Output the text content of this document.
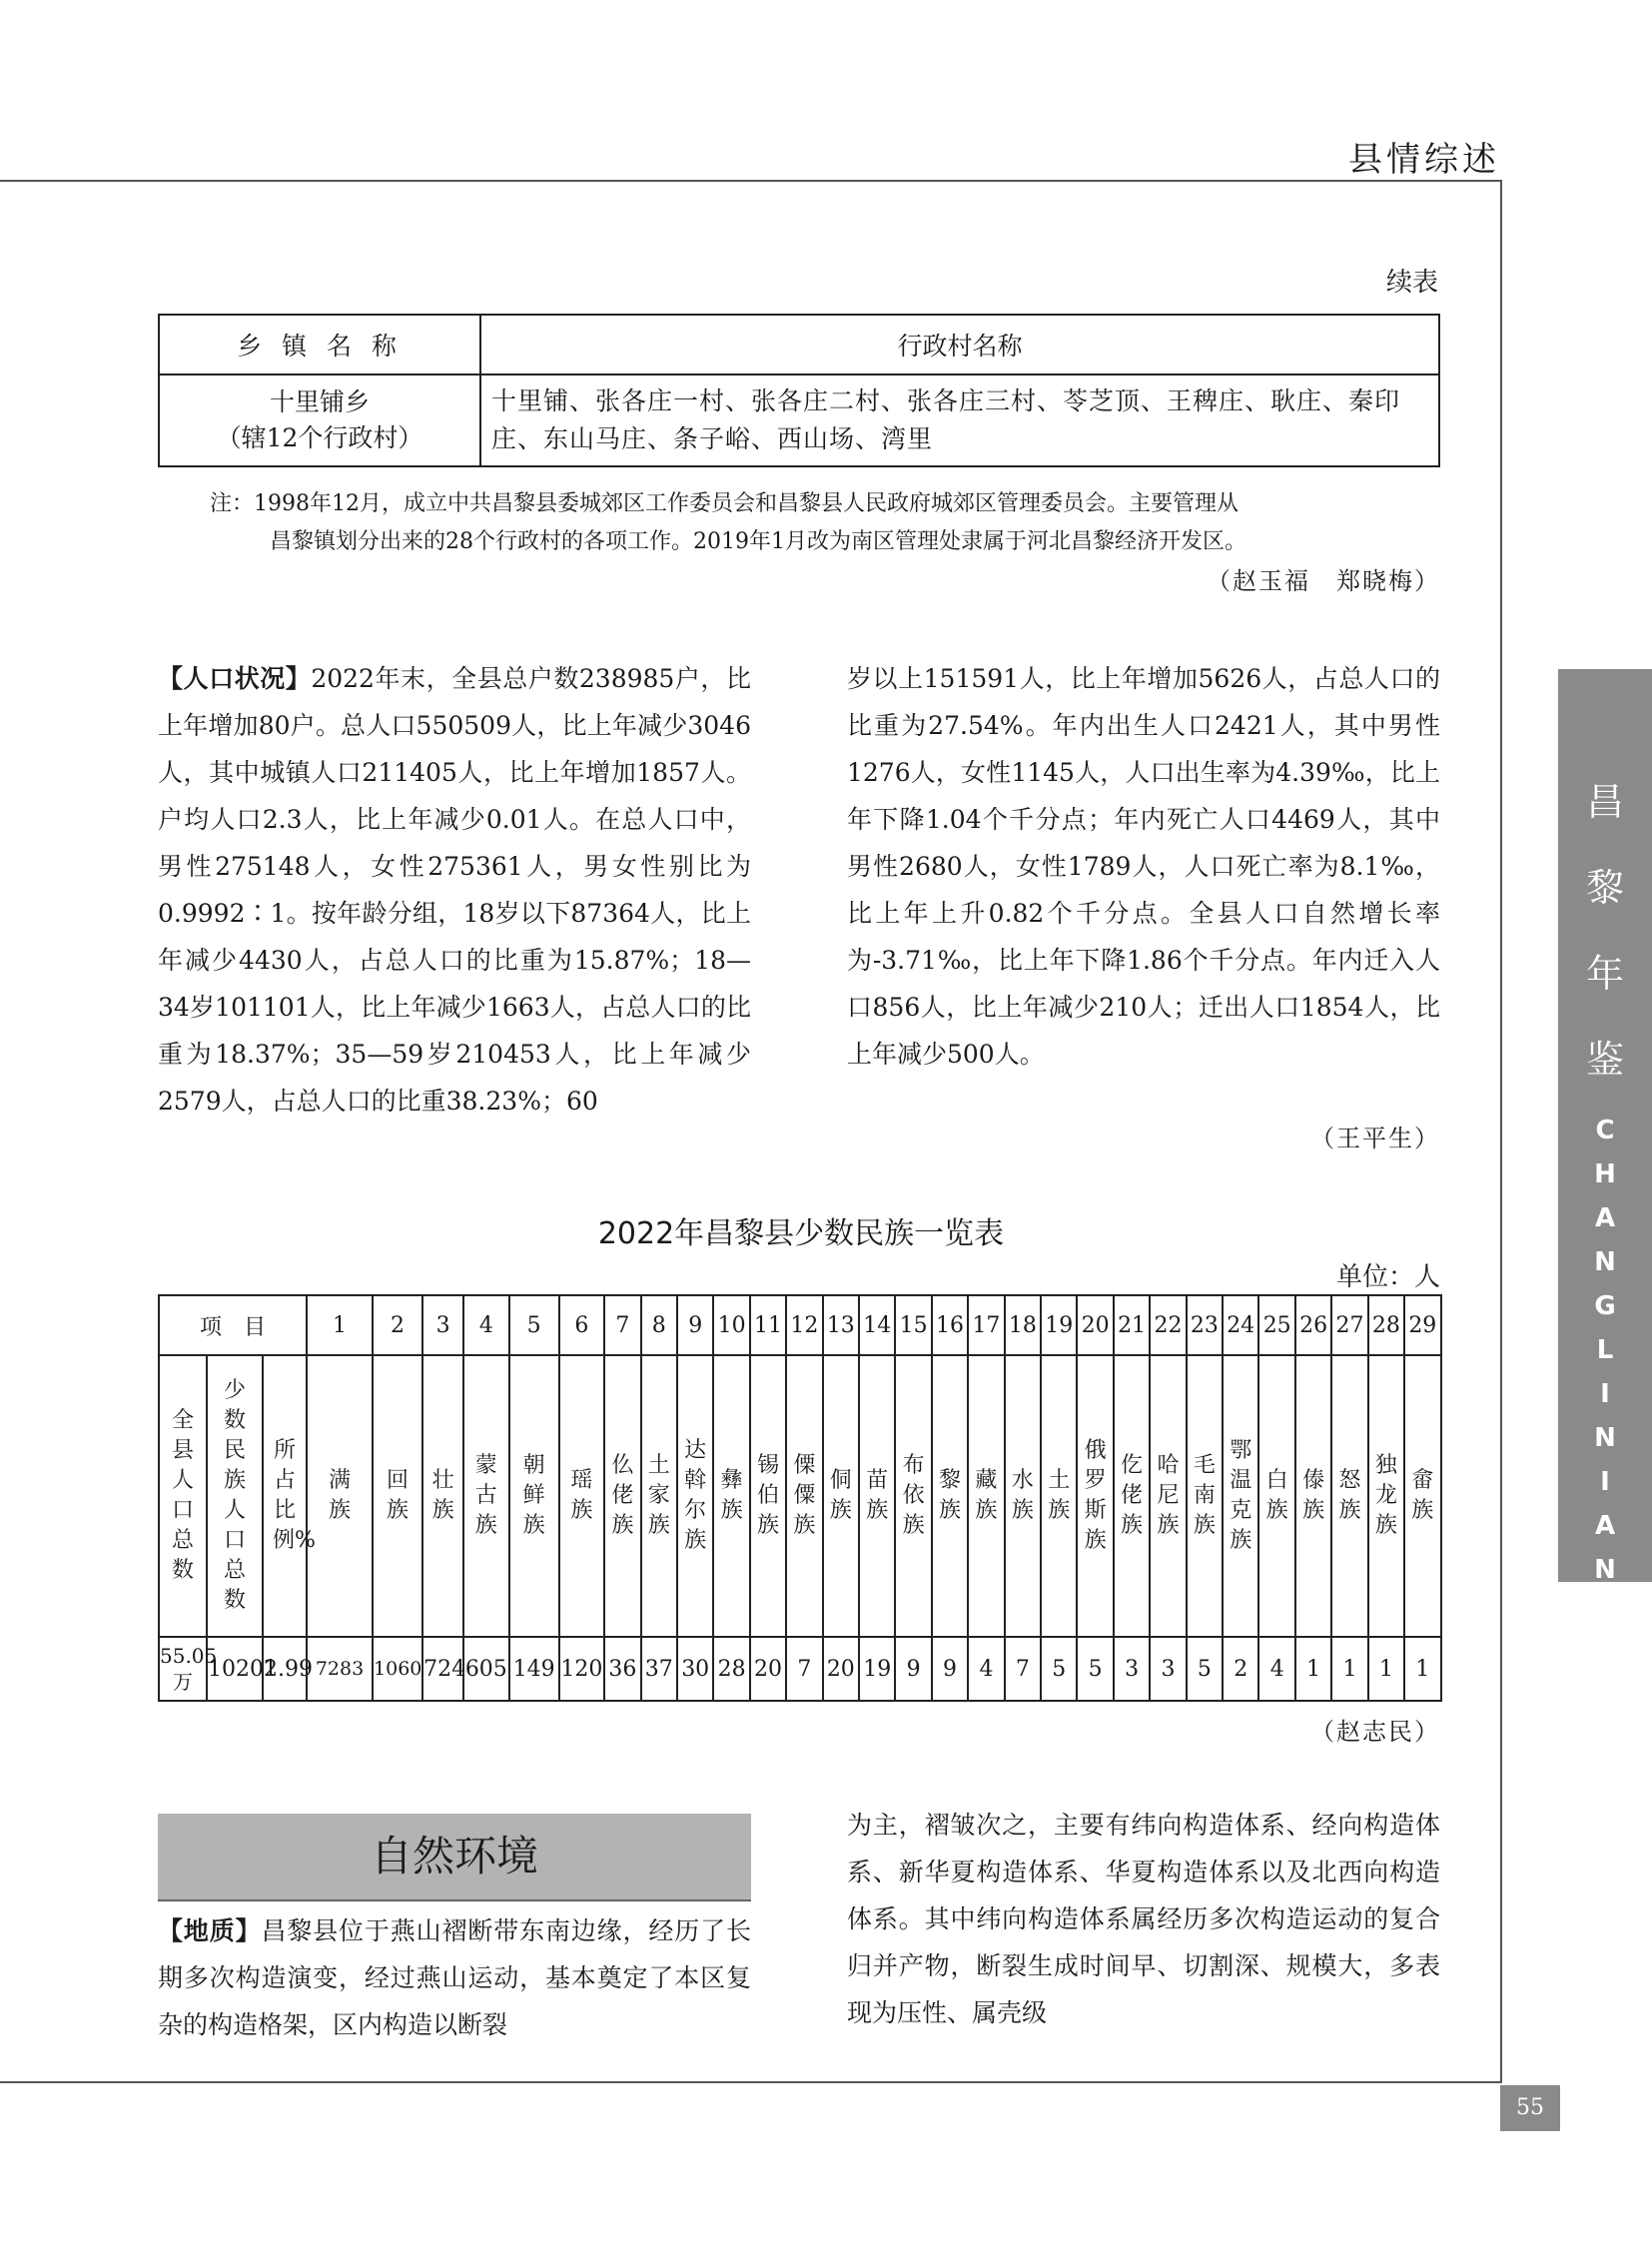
县情综述
55
昌
黎
年
鉴
C
H
A
N
G
L
I
N
I
A
N
J
I
A
N
续表
乡 镇 名 称	行政村名称

十里铺乡
（辖12个行政村）	十里铺、张各庄一村、张各庄二村、张各庄三村、苓芝顶、王稗庄、耿庄、秦印庄、东山马庄、条子峪、西山场、湾里
注：1998年12月，成立中共昌黎县委城郊区工作委员会和昌黎县人民政府城郊区管理委员会。主要管理从
昌黎镇划分出来的28个行政村的各项工作。2019年1月改为南区管理处隶属于河北昌黎经济开发区。
（赵玉福　郑晓梅）
【人口状况】2022年末，全县总户数238985户，比上年增加80户。总人口550509人，比上年减少3046人，其中城镇人口211405人，比上年增加1857人。户均人口2.3人，比上年减少0.01人。在总人口中，男性275148人，女性275361人，男女性别比为0.9992∶1。按年龄分组，18岁以下87364人，比上年减少4430人，占总人口的比重为15.87%；18—34岁101101人，比上年减少1663人，占总人口的比重为18.37%；35—59岁210453人，比上年减少2579人，占总人口的比重38.23%；60
岁以上151591人，比上年增加5626人，占总人口的比重为27.54%。年内出生人口2421人，其中男性1276人，女性1145人，人口出生率为4.39‰，比上年下降1.04个千分点；年内死亡人口4469人，其中男性2680人，女性1789人，人口死亡率为8.1‰，比上年上升0.82个千分点。全县人口自然增长率为-3.71‰，比上年下降1.86个千分点。年内迁入人口856人，比上年减少210人；迁出人口1854人，比上年减少500人。
（王平生）
2022年昌黎县少数民族一览表
单位：人
项　目			1	2	3	4	5	6	7	8	9	10	11	12	13	14	15	16	17	18	19	20	21	22	23	24	25	26	27	28	29
全县人口总数	少数民族人口总数	所占比例%	满族	回族	壮族	蒙古族	朝鲜族	瑶族	仫佬族	土家族	达斡尔族	彝族	锡伯族	傈僳族	侗族	苗族	布依族	黎族	藏族	水族	土族	俄罗斯族	仡佬族	哈尼族	毛南族	鄂温克族	白族	傣族	怒族	独龙族	畲族
55.05万	10202	1.99	7283	1060	724	605	149	120	36	37	30	28	20	7	20	19	9	9	4	7	5	5	3	3	5	2	4	1	1	1	1
（赵志民）
自然环境
【地质】昌黎县位于燕山褶断带东南边缘，经历了长期多次构造演变，经过燕山运动，基本奠定了本区复杂的构造格架，区内构造以断裂
为主，褶皱次之，主要有纬向构造体系、经向构造体系、新华夏构造体系、华夏构造体系以及北西向构造体系。其中纬向构造体系属经历多次构造运动的复合归并产物，断裂生成时间早、切割深、规模大，多表现为压性、属壳级
